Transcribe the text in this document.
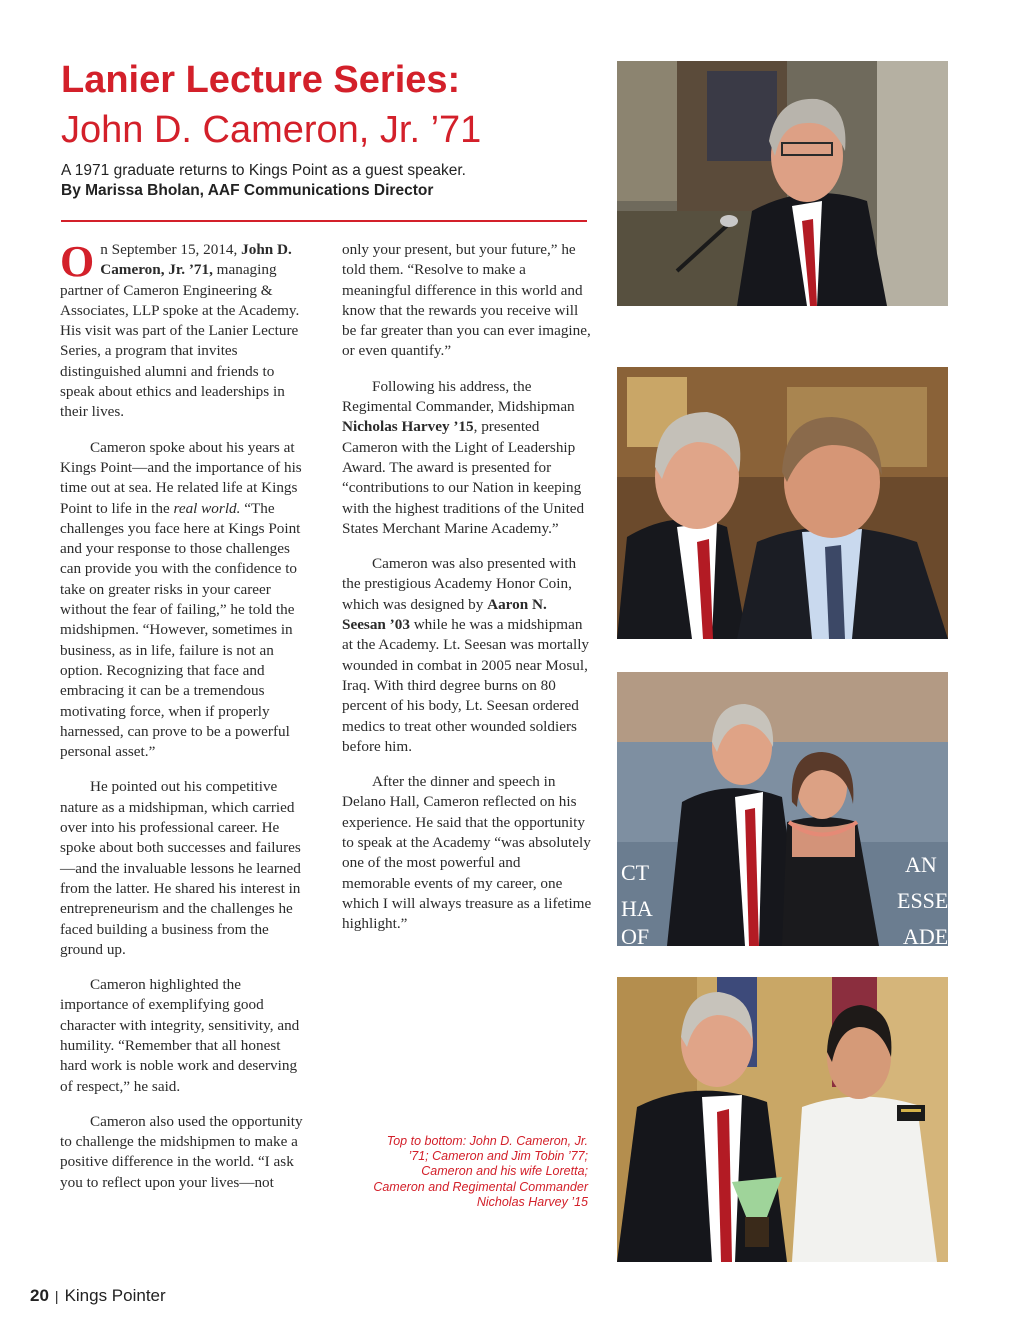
Lanier Lecture Series:
John D. Cameron, Jr. ’71

A 1971 graduate returns to Kings Point as a guest speaker.

By Marissa Bholan, AAF Communications Director

On September 15, 2014, John D. Cameron, Jr. ’71, managing partner of Cameron Engineering & Associates, LLP spoke at the Academy. His visit was part of the Lanier Lecture Series, a program that invites distinguished alumni and friends to speak about ethics and leaderships in their lives.

Cameron spoke about his years at Kings Point—and the importance of his time out at sea. He related life at Kings Point to life in the real world. “The challenges you face here at Kings Point and your response to those challenges can provide you with the confidence to take on greater risks in your career without the fear of failing,” he told the midshipmen. “However, sometimes in business, as in life, failure is not an option. Recognizing that face and embracing it can be a tremendous motivating force, when if properly harnessed, can prove to be a powerful personal asset.”

He pointed out his competitive nature as a midshipman, which carried over into his professional career. He spoke about both successes and failures—and the invaluable lessons he learned from the latter. He shared his interest in entrepreneurism and the challenges he faced building a business from the ground up.

Cameron highlighted the importance of exemplifying good character with integrity, sensitivity, and humility. “Remember that all honest hard work is noble work and deserving of respect,” he said.

Cameron also used the opportunity to challenge the midshipmen to make a positive difference in the world. “I ask you to reflect upon your lives—not

only your present, but your future,” he told them. “Resolve to make a meaningful difference in this world and know that the rewards you receive will be far greater than you can ever imagine, or even quantify.”

Following his address, the Regimental Commander, Midshipman Nicholas Harvey ’15, presented Cameron with the Light of Leadership Award. The award is presented for “contributions to our Nation in keeping with the highest traditions of the United States Merchant Marine Academy.”

Cameron was also presented with the prestigious Academy Honor Coin, which was designed by Aaron N. Seesan ’03 while he was a midshipman at the Academy. Lt. Seesan was mortally wounded in combat in 2005 near Mosul, Iraq. With third degree burns on 80 percent of his body, Lt. Seesan ordered medics to treat other wounded soldiers before him.

After the dinner and speech in Delano Hall, Cameron reflected on his experience. He said that the opportunity to speak at the Academy “was absolutely one of the most powerful and memorable events of my career, one which I will always treasure as a lifetime highlight.”

Top to bottom: John D. Cameron, Jr. ’71; Cameron and Jim Tobin ’77; Cameron and his wife Loretta; Cameron and Regimental Commander Nicholas Harvey ’15

CT
HA
OF
AN
ESSE
ADE
20 | Kings Pointer
